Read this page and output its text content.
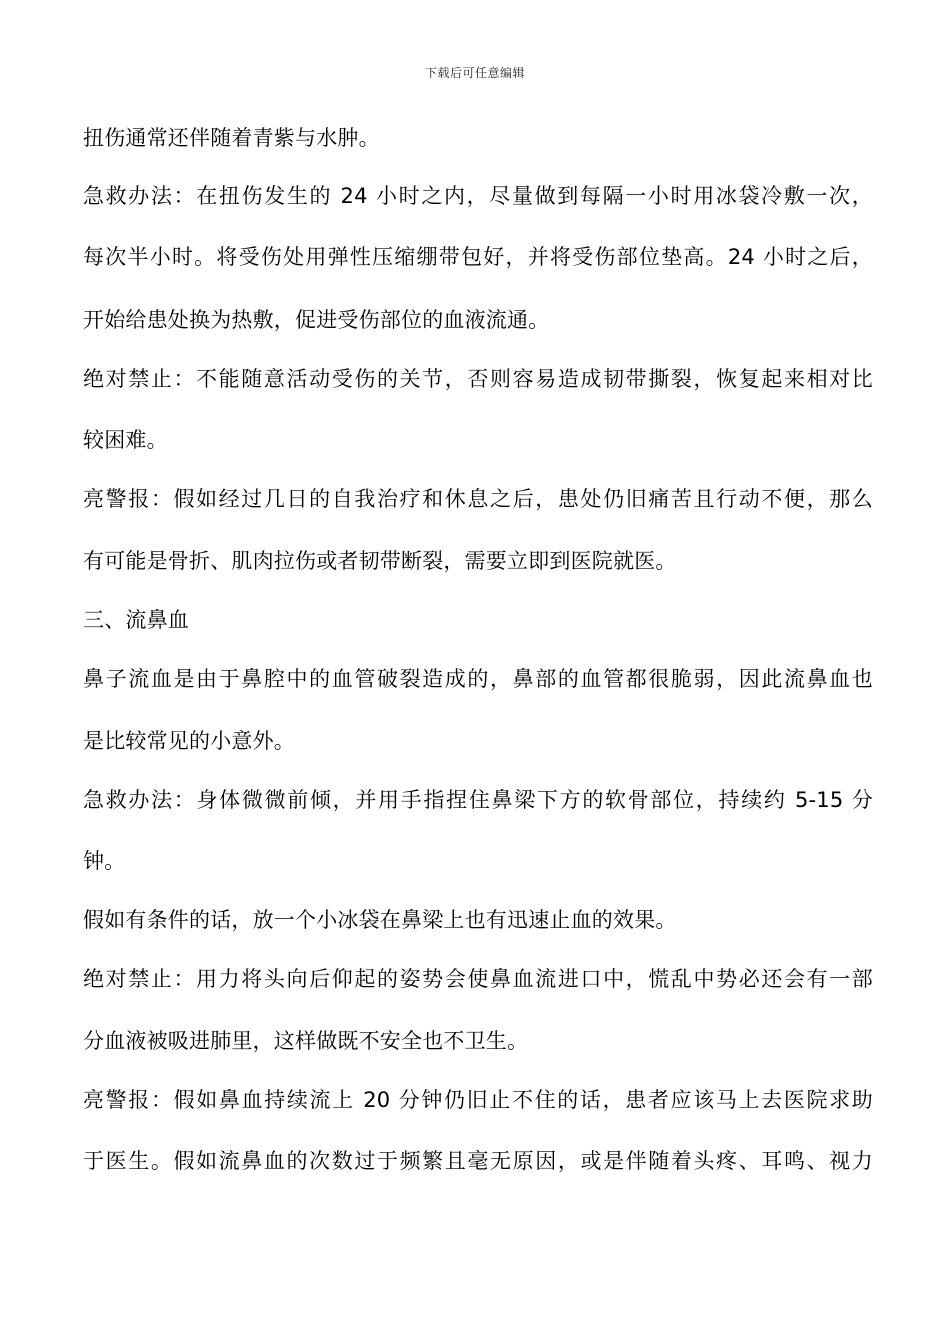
下载后可任意编辑
扭伤通常还伴随着青紫与水肿。
急救办法：在扭伤发生的 24 小时之内，尽量做到每隔一小时用冰袋冷敷一次，
每次半小时。将受伤处用弹性压缩绷带包好，并将受伤部位垫高。24 小时之后，
开始给患处换为热敷，促进受伤部位的血液流通。
绝对禁止：不能随意活动受伤的关节，否则容易造成韧带撕裂，恢复起来相对比
较困难。
亮警报：假如经过几日的自我治疗和休息之后，患处仍旧痛苦且行动不便，那么
有可能是骨折、肌肉拉伤或者韧带断裂，需要立即到医院就医。
三、流鼻血
鼻子流血是由于鼻腔中的血管破裂造成的，鼻部的血管都很脆弱，因此流鼻血也
是比较常见的小意外。
急救办法：身体微微前倾，并用手指捏住鼻梁下方的软骨部位，持续约 5-15 分
钟。
假如有条件的话，放一个小冰袋在鼻梁上也有迅速止血的效果。
绝对禁止：用力将头向后仰起的姿势会使鼻血流进口中，慌乱中势必还会有一部
分血液被吸进肺里，这样做既不安全也不卫生。
亮警报：假如鼻血持续流上 20 分钟仍旧止不住的话，患者应该马上去医院求助
于医生。假如流鼻血的次数过于频繁且毫无原因，或是伴随着头疼、耳鸣、视力
